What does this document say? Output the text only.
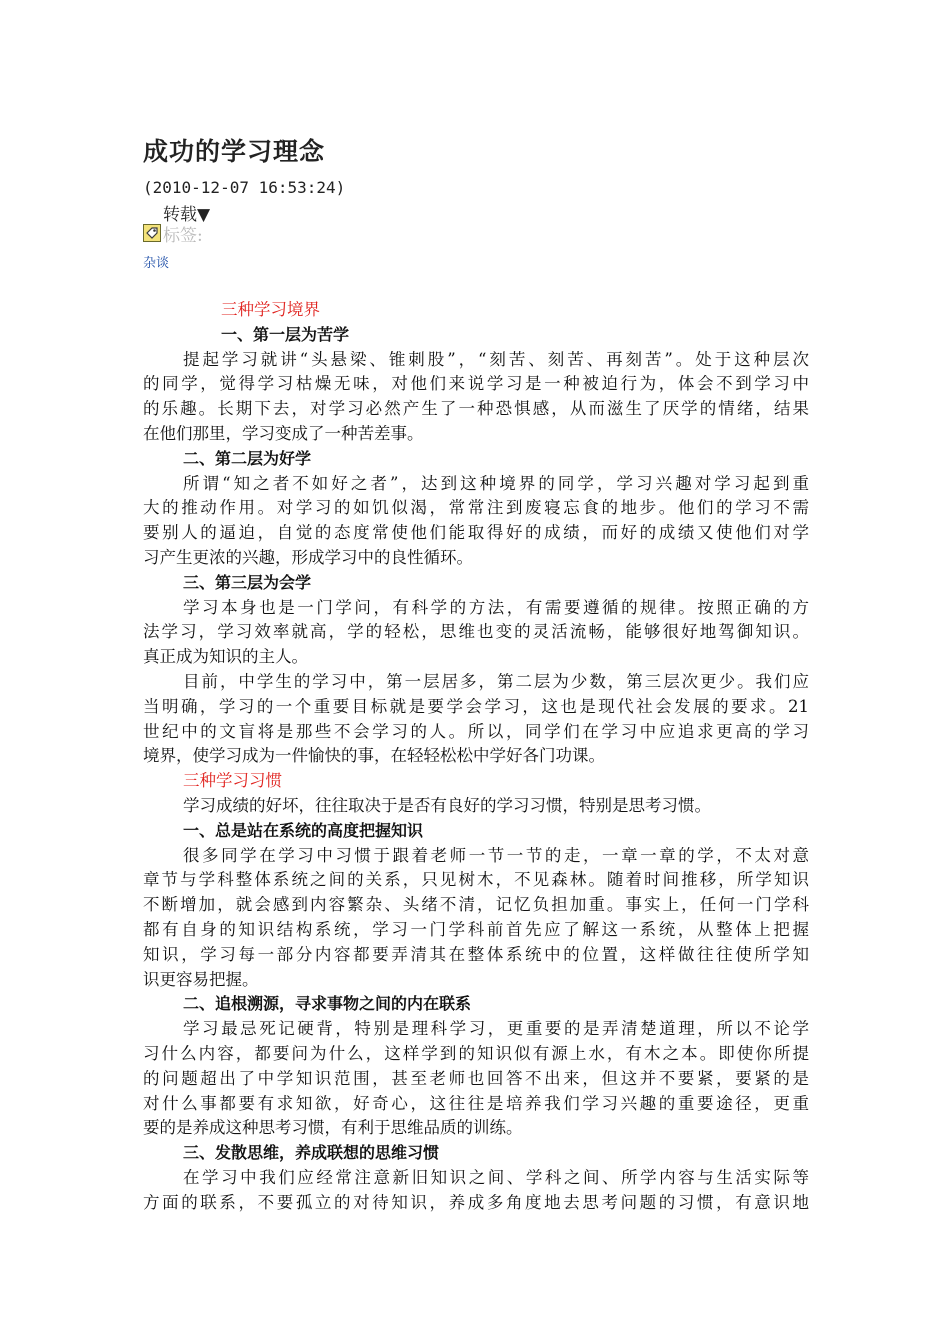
成功的学习理念
(2010-12-07 16:53:24)
转载▼
标签:
杂谈
三种学习境界
一、第一层为苦学
提起学习就讲“头悬梁、锥刺股”，“刻苦、刻苦、再刻苦”。处于这种层次
的同学，觉得学习枯燥无味，对他们来说学习是一种被迫行为，体会不到学习中
的乐趣。长期下去，对学习必然产生了一种恐惧感，从而滋生了厌学的情绪，结果
在他们那里，学习变成了一种苦差事。
二、第二层为好学
所谓“知之者不如好之者”，达到这种境界的同学，学习兴趣对学习起到重
大的推动作用。对学习的如饥似渴，常常注到废寝忘食的地步。他们的学习不需
要别人的逼迫，自觉的态度常使他们能取得好的成绩，而好的成绩又使他们对学
习产生更浓的兴趣，形成学习中的良性循环。
三、第三层为会学
学习本身也是一门学问，有科学的方法，有需要遵循的规律。按照正确的方
法学习，学习效率就高，学的轻松，思维也变的灵活流畅，能够很好地驾御知识。
真正成为知识的主人。
目前，中学生的学习中，第一层居多，第二层为少数，第三层次更少。我们应
当明确，学习的一个重要目标就是要学会学习，这也是现代社会发展的要求。21
世纪中的文盲将是那些不会学习的人。所以，同学们在学习中应追求更高的学习
境界，使学习成为一件愉快的事，在轻轻松松中学好各门功课。
三种学习习惯
学习成绩的好坏，往往取决于是否有良好的学习习惯，特别是思考习惯。
一、总是站在系统的高度把握知识
很多同学在学习中习惯于跟着老师一节一节的走，一章一章的学，不太对意
章节与学科整体系统之间的关系，只见树木，不见森林。随着时间推移，所学知识
不断增加，就会感到内容繁杂、头绪不清，记忆负担加重。事实上，任何一门学科
都有自身的知识结构系统，学习一门学科前首先应了解这一系统，从整体上把握
知识，学习每一部分内容都要弄清其在整体系统中的位置，这样做往往使所学知
识更容易把握。
二、追根溯源，寻求事物之间的内在联系
学习最忌死记硬背，特别是理科学习，更重要的是弄清楚道理，所以不论学
习什么内容，都要问为什么，这样学到的知识似有源上水，有木之本。即使你所提
的问题超出了中学知识范围，甚至老师也回答不出来，但这并不要紧，要紧的是
对什么事都要有求知欲，好奇心，这往往是培养我们学习兴趣的重要途径，更重
要的是养成这种思考习惯，有利于思维品质的训练。
三、发散思维，养成联想的思维习惯
在学习中我们应经常注意新旧知识之间、学科之间、所学内容与生活实际等
方面的联系，不要孤立的对待知识，养成多角度地去思考问题的习惯，有意识地
